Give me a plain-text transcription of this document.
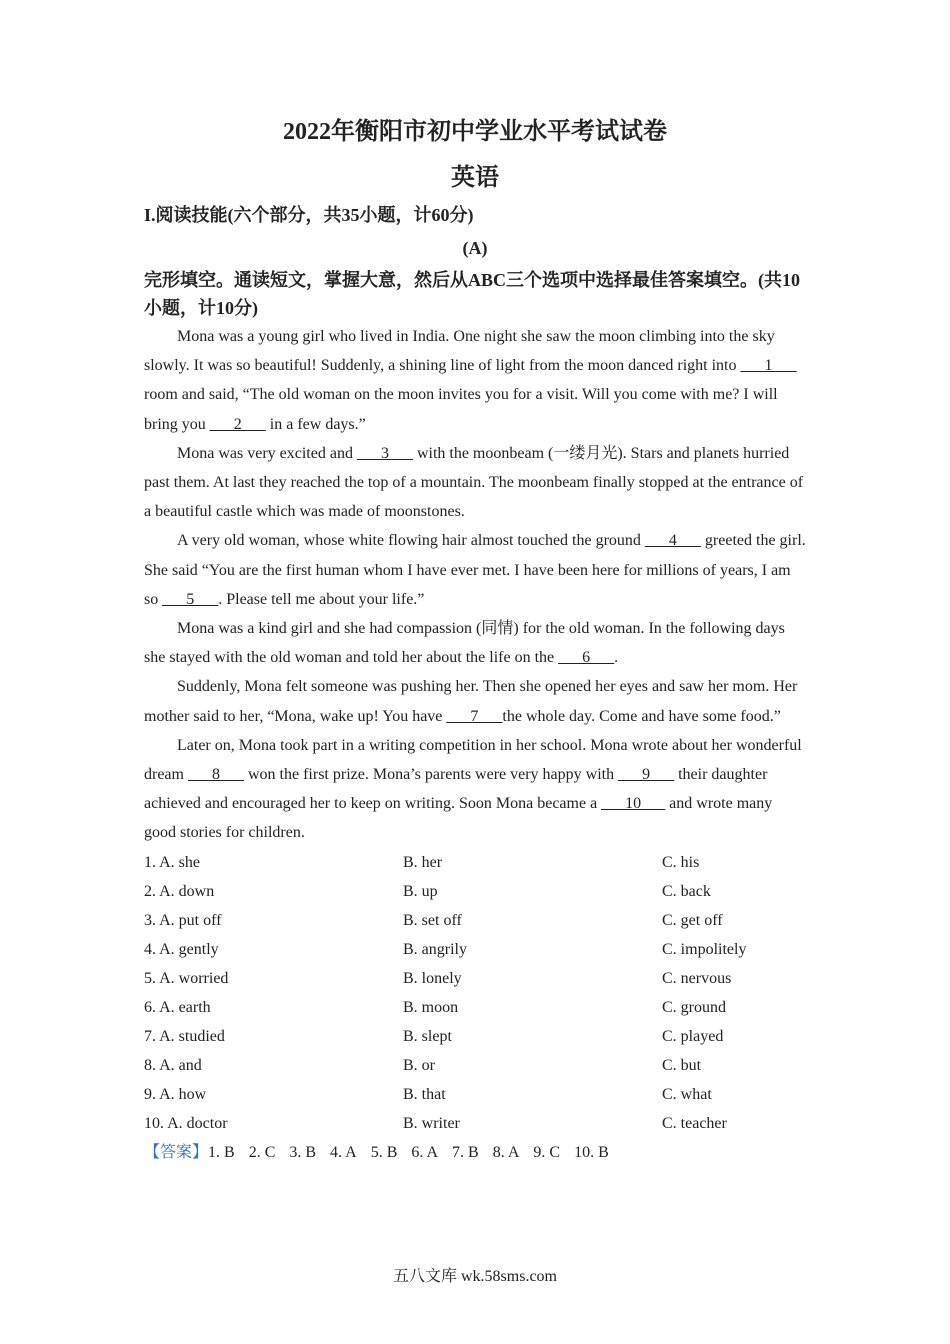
2022年衡阳市初中学业水平考试试卷
英语

I.阅读技能(六个部分，共35小题，计60分)

(A)

完形填空。通读短文，掌握大意，然后从ABC三个选项中选择最佳答案填空。(共10小题，计10分)

Mona was a young girl who lived in India. One night she saw the moon climbing into the sky slowly. It was so beautiful! Suddenly, a shining line of light from the moon danced right into ___1___ room and said, “The old woman on the moon invites you for a visit. Will you come with me? I will bring you ___2___ in a few days.”

Mona was very excited and ___3___ with the moonbeam (一缕月光). Stars and planets hurried past them. At last they reached the top of a mountain. The moonbeam finally stopped at the entrance of a beautiful castle which was made of moonstones.

A very old woman, whose white flowing hair almost touched the ground ___4___ greeted the girl. She said “You are the first human whom I have ever met. I have been here for millions of years, I am so ___5___. Please tell me about your life.”

Mona was a kind girl and she had compassion (同情) for the old woman. In the following days she stayed with the old woman and told her about the life on the ___6___.

Suddenly, Mona felt someone was pushing her. Then she opened her eyes and saw her mom. Her mother said to her, “Mona, wake up! You have ___7___the whole day. Come and have some food.”

Later on, Mona took part in a writing competition in her school. Mona wrote about her wonderful dream ___8___ won the first prize. Mona’s parents were very happy with ___9___ their daughter achieved and encouraged her to keep on writing. Soon Mona became a ___10___ and wrote many good stories for children.

1. A. she	B. her	C. his
2. A. down	B. up	C. back
3. A. put off	B. set off	C. get off
4. A. gently	B. angrily	C. impolitely
5. A. worried	B. lonely	C. nervous
6. A. earth	B. moon	C. ground
7. A. studied	B. slept	C. played
8. A. and	B. or	C. but
9. A. how	B. that	C. what
10. A. doctor	B. writer	C. teacher

【答案】1. B 2. C 3. B 4. A 5. B 6. A 7. B 8. A 9. C 10. B

五八文库 wk.58sms.com
